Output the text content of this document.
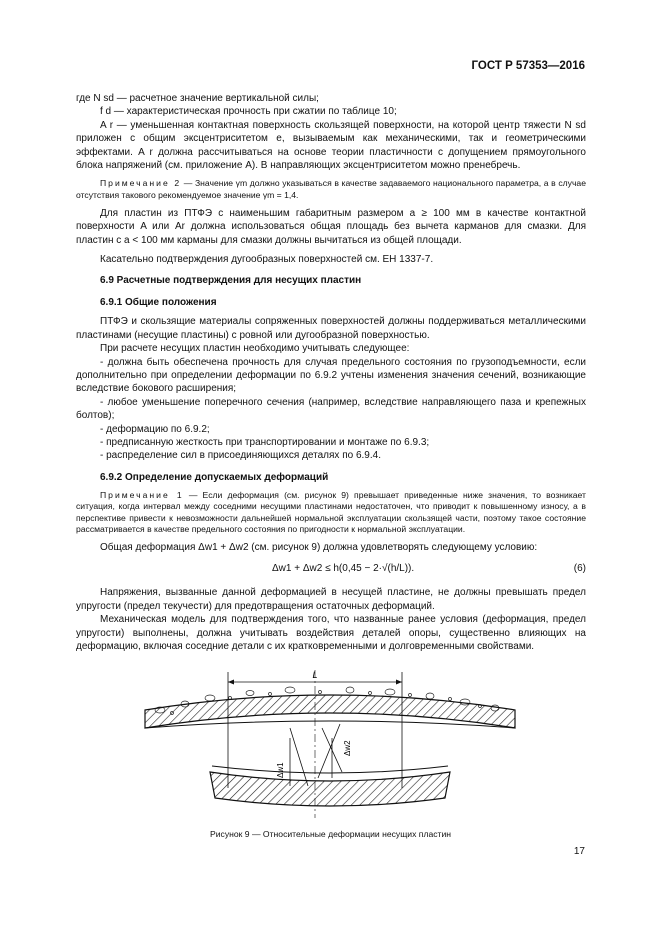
ГОСТ Р 57353—2016

где N sd — расчетное значение вертикальной силы;

f d — характеристическая прочность при сжатии по таблице 10;

A r — уменьшенная контактная поверхность скользящей поверхности, на которой центр тяжести N sd приложен с общим эксцентриситетом e, вызываемым как механическими, так и геометрическими эффектами. A r должна рассчитываться на основе теории пластичности с допущением прямоугольного блока напряжений (см. приложение А). В направляющих эксцентриситетом можно пренебречь.

Примечание 2 — Значение γm должно указываться в качестве задаваемого национального параметра, а в случае отсутствия такового рекомендуемое значение γm = 1,4.

Для пластин из ПТФЭ с наименьшим габаритным размером a ≥ 100 мм в качестве контактной поверхности A или Ar должна использоваться общая площадь без вычета карманов для смазки. Для пластин с a < 100 мм карманы для смазки должны вычитаться из общей площади.

Касательно подтверждения дугообразных поверхностей см. ЕН 1337-7.

6.9 Расчетные подтверждения для несущих пластин

6.9.1 Общие положения

ПТФЭ и скользящие материалы сопряженных поверхностей должны поддерживаться металлическими пластинами (несущие пластины) с ровной или дугообразной поверхностью.

При расчете несущих пластин необходимо учитывать следующее:

- должна быть обеспечена прочность для случая предельного состояния по грузоподъемности, если дополнительно при определении деформации по 6.9.2 учтены изменения значения сечений, возникающие вследствие бокового расширения;

- любое уменьшение поперечного сечения (например, вследствие направляющего паза и крепежных болтов);

- деформацию по 6.9.2;

- предписанную жесткость при транспортировании и монтаже по 6.9.3;

- распределение сил в присоединяющихся деталях по 6.9.4.

6.9.2 Определение допускаемых деформаций

Примечание 1 — Если деформация (см. рисунок 9) превышает приведенные ниже значения, то возникает ситуация, когда интервал между соседними несущими пластинами недостаточен, что приводит к повышенному износу, а в перспективе привести к невозможности дальнейшей нормальной эксплуатации скользящей части, поэтому такое состояние рассматривается в качестве предельного состояния по пригодности к нормальной эксплуатации.

Общая деформация Δw1 + Δw2 (см. рисунок 9) должна удовлетворять следующему условию:

Δw1 + Δw2 ≤ h(0,45 − 2·√(h/L)).	(6)

Напряжения, вызванные данной деформацией в несущей пластине, не должны превышать предел упругости (предел текучести) для предотвращения остаточных деформаций.

Механическая модель для подтверждения того, что названные ранее условия (деформация, предел упругости) выполнены, должна учитывать воздействия деталей опоры, существенно влияющих на деформацию, включая соседние детали с их кратковременными и долговременными свойствами.

L
Δw1
Δw2
Рисунок 9 — Относительные деформации несущих пластин
17
